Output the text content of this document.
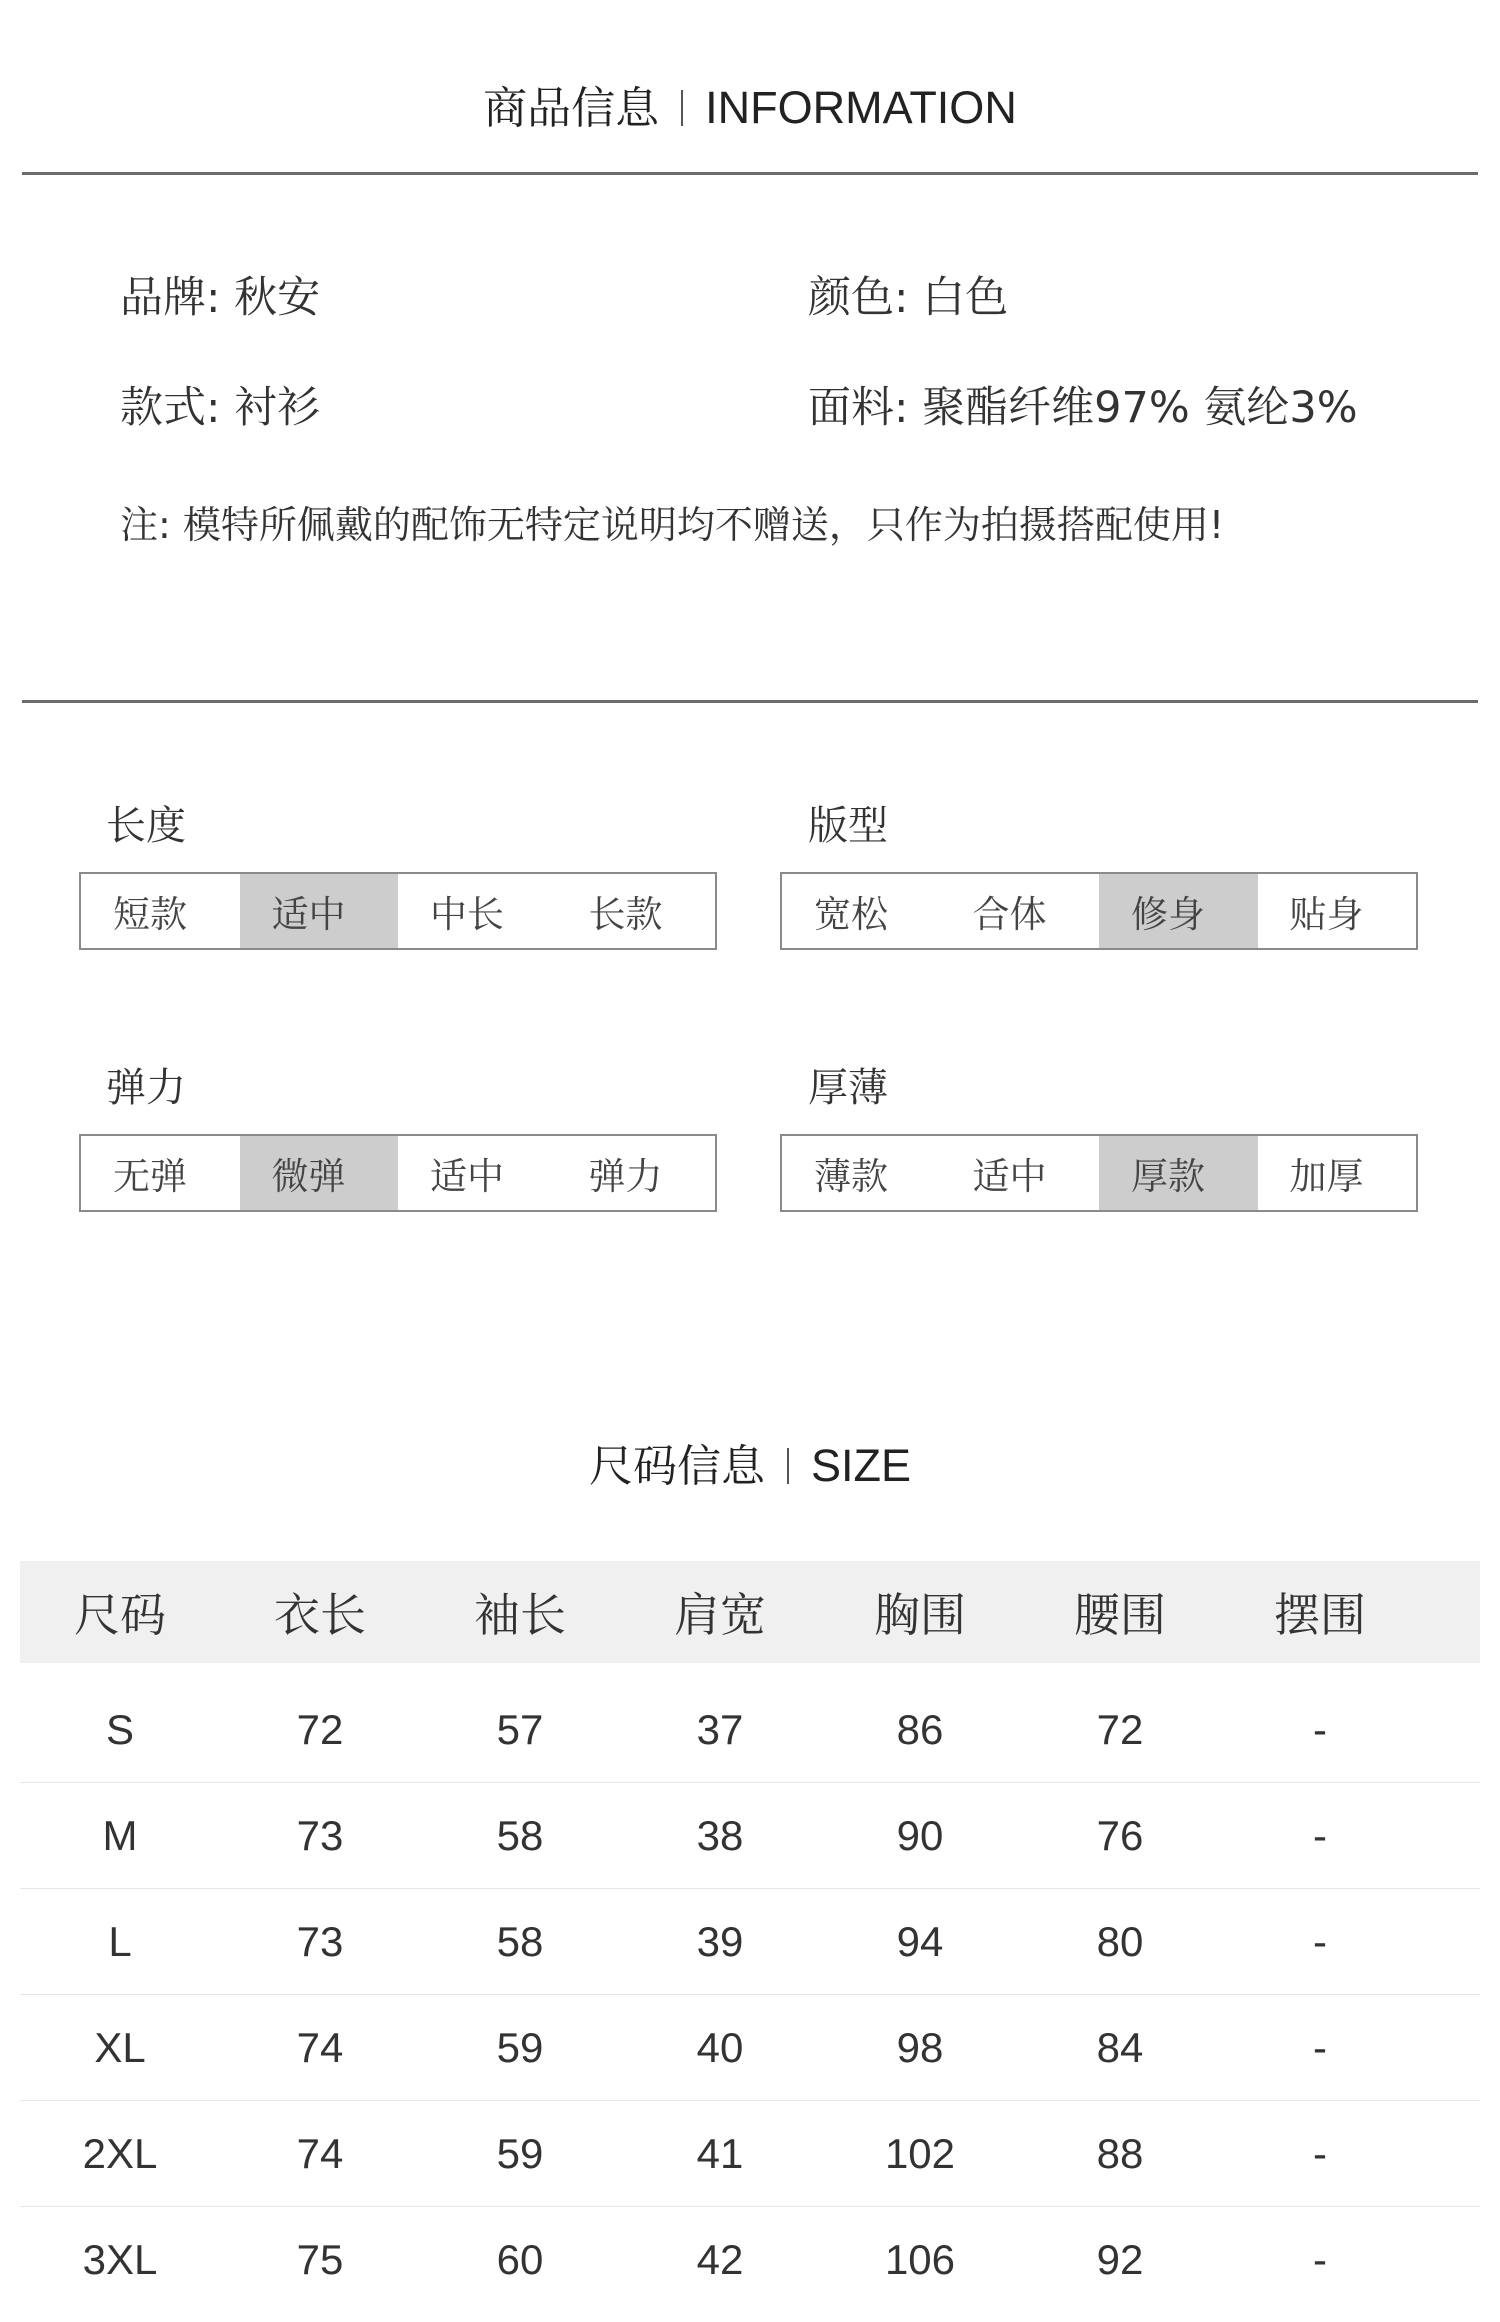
商品信息 INFORMATION
品牌: 秋安	颜色: 白色
款式: 衬衫	面料: 聚酯纤维97% 氨纶3%
注: 模特所佩戴的配饰无特定说明均不赠送，只作为拍摄搭配使用!
长度
短款	适中	中长	长款
版型
宽松	合体	修身	贴身
弹力
无弹	微弹	适中	弹力
厚薄
薄款	适中	厚款	加厚
尺码信息 SIZE
尺码	衣长	袖长	肩宽	胸围	腰围	摆围
S	72	57	37	86	72	-
M	73	58	38	90	76	-
L	73	58	39	94	80	-
XL	74	59	40	98	84	-
2XL	74	59	41	102	88	-
3XL	75	60	42	106	92	-
